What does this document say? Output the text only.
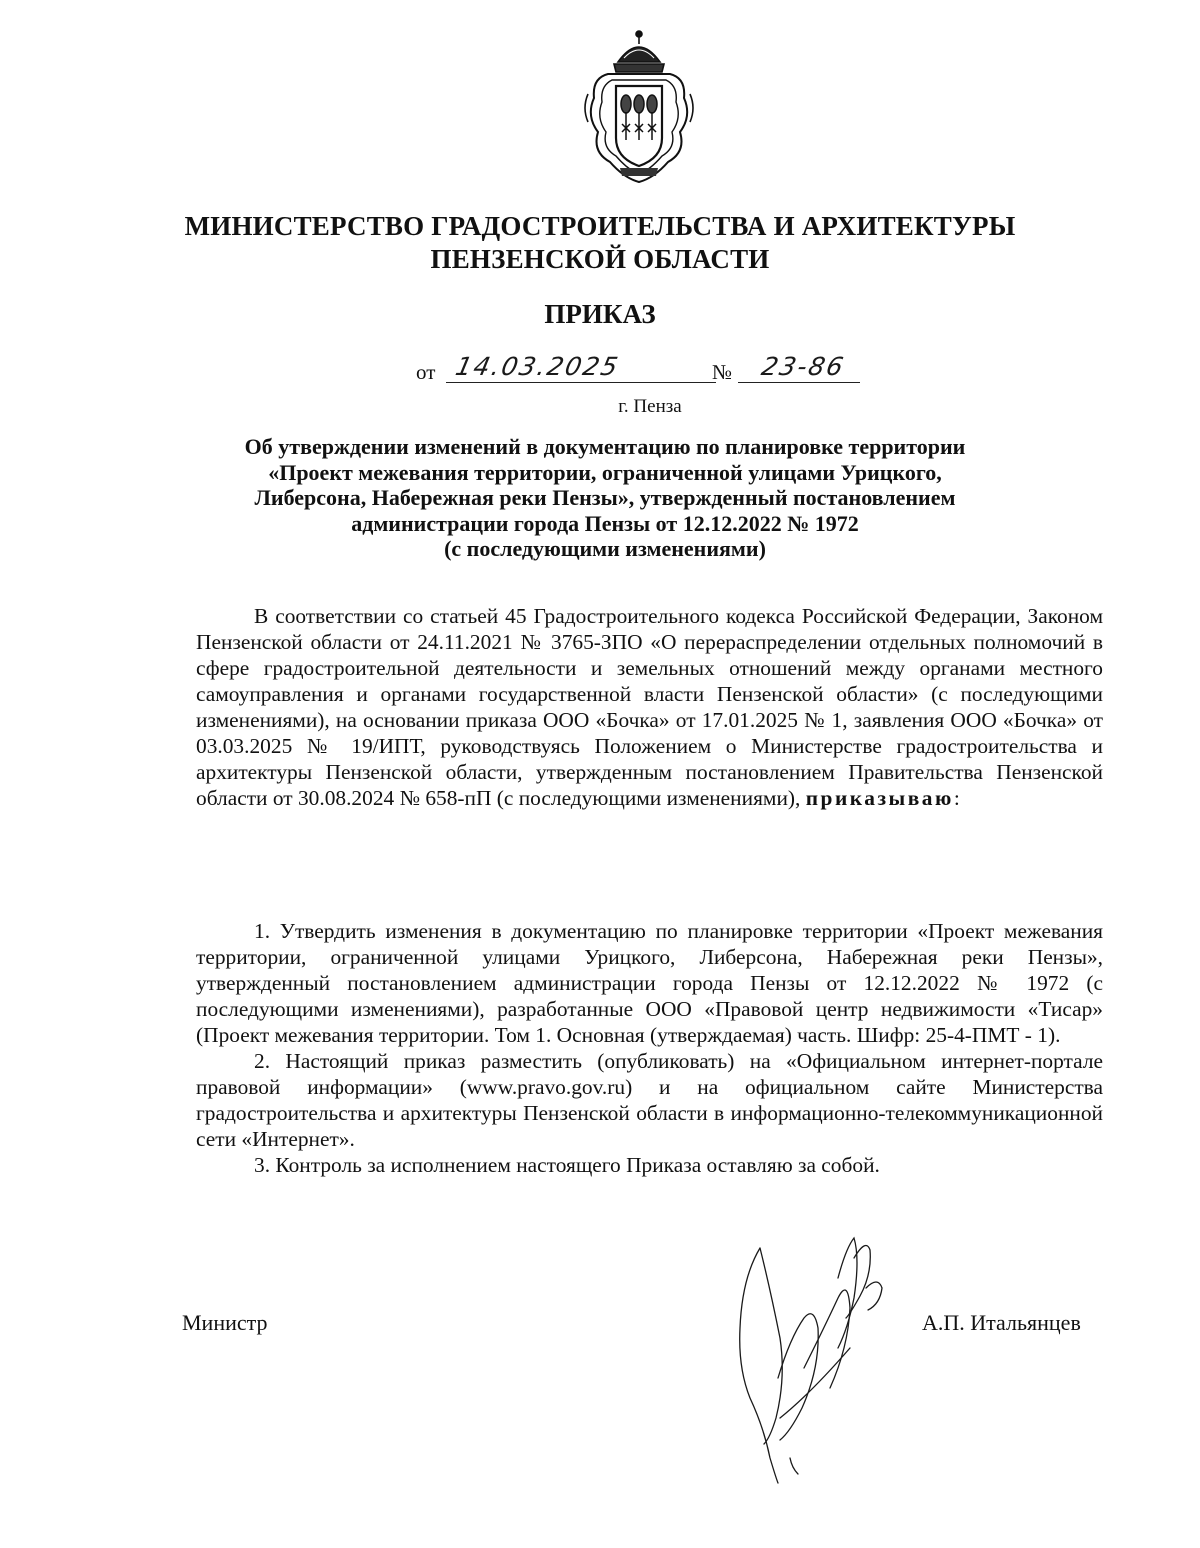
МИНИСТЕРСТВО ГРАДОСТРОИТЕЛЬСТВА И АРХИТЕКТУРЫ
ПЕНЗЕНСКОЙ ОБЛАСТИ
ПРИКАЗ
от 14.03.2025	№ 23-86
г. Пенза
Об утверждении изменений в документацию по планировке территории
«Проект межевания территории, ограниченной улицами Урицкого,
Либерсона, Набережная реки Пензы», утвержденный постановлением
администрации города Пензы от 12.12.2022 № 1972
(с последующими изменениями)

В соответствии со статьей 45 Градостроительного кодекса Российской Федерации, Законом Пензенской области от 24.11.2021 № 3765-ЗПО «О перераспределении отдельных полномочий в сфере градостроительной деятельности и земельных отношений между органами местного самоуправления и органами государственной власти Пензенской области» (с последующими изменениями), на основании приказа ООО «Бочка» от 17.01.2025 № 1, заявления ООО «Бочка» от 03.03.2025 № 19/ИПТ, руководствуясь Положением о Министерстве градостроительства и архитектуры Пензенской области, утвержденным постановлением Правительства Пензенской области от 30.08.2024 № 658-пП (с последующими изменениями), приказываю:

1. Утвердить изменения в документацию по планировке территории «Проект межевания территории, ограниченной улицами Урицкого, Либерсона, Набережная реки Пензы», утвержденный постановлением администрации города Пензы от 12.12.2022 № 1972 (с последующими изменениями), разработанные ООО «Правовой центр недвижимости «Тисар» (Проект межевания территории. Том 1. Основная (утверждаемая) часть. Шифр: 25-4-ПМТ - 1).

2. Настоящий приказ разместить (опубликовать) на «Официальном интернет-портале правовой информации» (www.pravo.gov.ru) и на официальном сайте Министерства градостроительства и архитектуры Пензенской области в информационно-телекоммуникационной сети «Интернет».

3. Контроль за исполнением настоящего Приказа оставляю за собой.

Министр	А.П. Итальянцев
